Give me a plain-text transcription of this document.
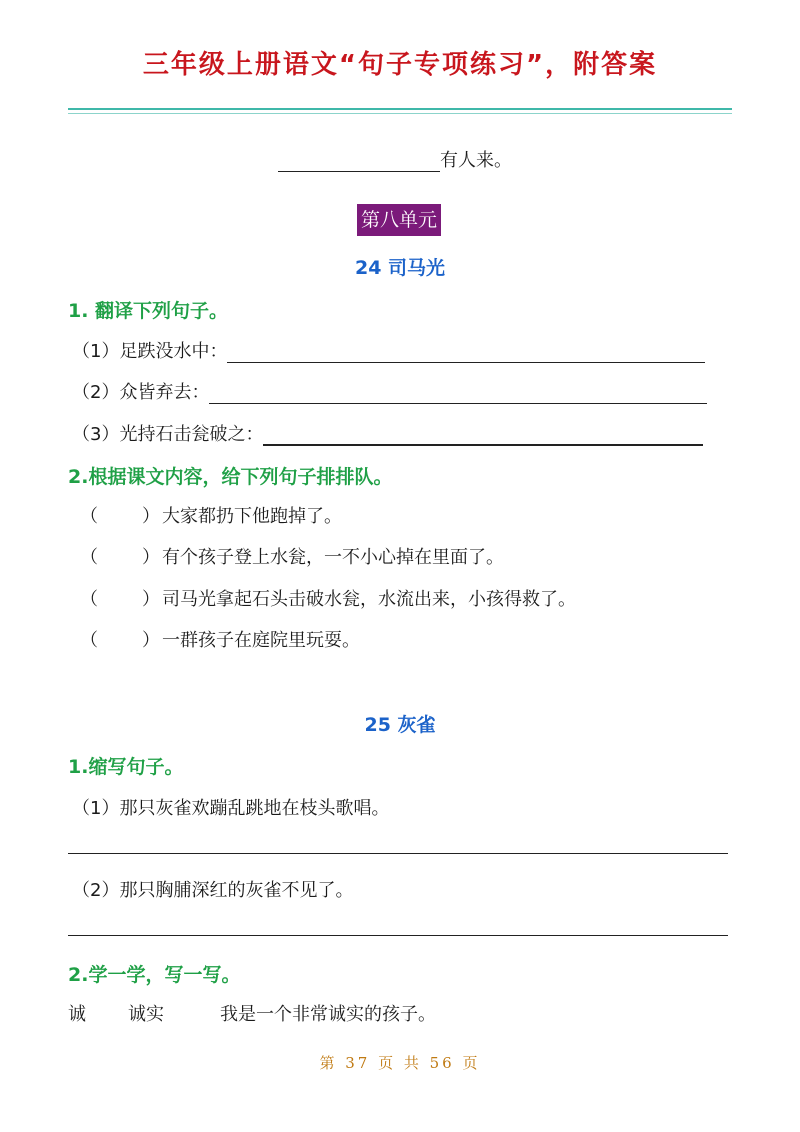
三年级上册语文“句子专项练习”，附答案
有人来。
第八单元
24 司马光
1. 翻译下列句子。
（1）足跌没水中：
（2）众皆弃去：
（3）光持石击瓮破之：
2.根据课文内容，给下列句子排排队。
（ ） 大家都扔下他跑掉了。
（ ） 有个孩子登上水瓮，一不小心掉在里面了。
（ ） 司马光拿起石头击破水瓮，水流出来，小孩得救了。
（ ） 一群孩子在庭院里玩耍。
25 灰雀
1.缩写句子。
（1）那只灰雀欢蹦乱跳地在枝头歌唱。
（2）那只胸脯深红的灰雀不见了。
2.学一学，写一写。
诚 诚实	我是一个非常诚实的孩子。
第 37 页 共 56 页
